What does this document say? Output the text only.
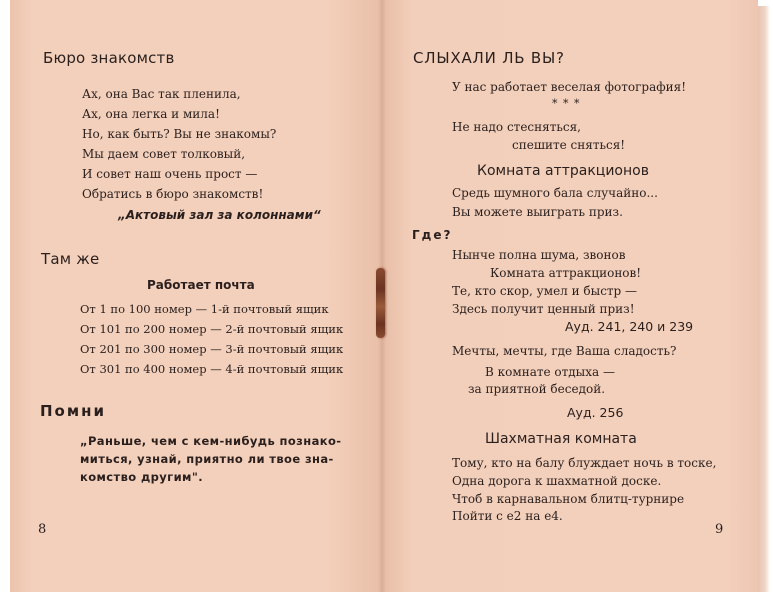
Бюро знакомств
Ах, она Вас так пленила,
Ах, она легка и мила!
Но, как быть? Вы не знакомы?
Мы даем совет толковый,
И совет наш очень прост —
Обратись в бюро знакомств!
„Актовый зал за колоннами“
Там же
Работает почта
От 1 по 100 номер — 1-й почтовый ящик
От 101 по 200 номер — 2-й почтовый ящик
От 201 по 300 номер — 3-й почтовый ящик
От 301 по 400 номер — 4-й почтовый ящик
Помни
„Раньше, чем с кем-нибудь познако-
миться, узнай, приятно ли твое зна-
комство другим".
8
СЛЫХАЛИ ЛЬ ВЫ?
У нас работает веселая фотография!
* * *
Не надо стесняться,
спешите сняться!
Комната аттракционов
Средь шумного бала случайно...
Вы можете выиграть приз.
Где?
Нынче полна шума, звонов
Комната аттракционов!
Те, кто скор, умел и быстр —
Здесь получит ценный приз!
Ауд. 241, 240 и 239
Мечты, мечты, где Ваша сладость?
В комнате отдыха —
за приятной беседой.
Ауд. 256
Шахматная комната
Тому, кто на балу блуждает ночь в тоске,
Одна дорога к шахматной доске.
Чтоб в карнавальном блитц-турнире
Пойти с е2 на е4.
9
